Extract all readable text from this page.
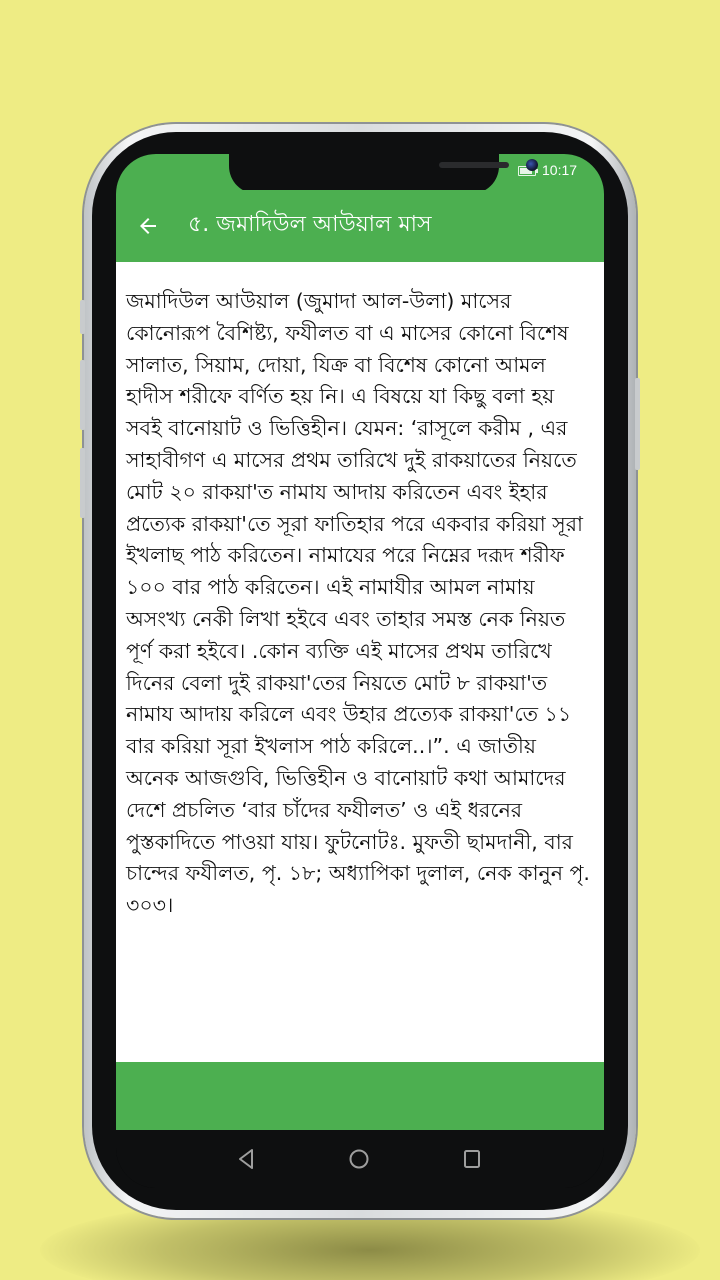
10:17
৫. জমাদিউল আউয়াল মাস

জমাদিউল আউয়াল (জুমাদা আল-উলা) মাসের কোনোরূপ বৈশিষ্ট্য, ফযীলত বা এ মাসের কোনো বিশেষ সালাত, সিয়াম, দোয়া, যিক্র বা বিশেষ কোনো আমল হাদীস শরীফে বর্ণিত হয় নি। এ বিষয়ে যা কিছু বলা হয় সবই বানোয়াট ও ভিত্তিহীন। যেমন: ‘রাসূলে করীম , এর সাহাবীগণ এ মাসের প্রথম তারিখে দুই রাকয়াতের নিয়তে মোট ২০ রাকয়া'ত নামায আদায় করিতেন এবং ইহার প্রত্যেক রাকয়া'তে সূরা ফাতিহার পরে একবার করিয়া সূরা ইখলাছ পাঠ করিতেন। নামাযের পরে নিম্নের দরূদ শরীফ ১০০ বার পাঠ করিতেন। এই নামাযীর আমল নামায় অসংখ্য নেকী লিখা হইবে এবং তাহার সমস্ত নেক নিয়ত পূর্ণ করা হইবে। .কোন ব্যক্তি এই মাসের প্রথম তারিখে দিনের বেলা দুই রাকয়া'তের নিয়তে মোট ৮ রাকয়া'ত নামায আদায় করিলে এবং উহার প্রত্যেক রাকয়া'তে ১১ বার করিয়া সূরা ইখলাস পাঠ করিলে..।”. এ জাতীয় অনেক আজগুবি, ভিত্তিহীন ও বানোয়াট কথা আমাদের দেশে প্রচলিত ‘বার চাঁদের ফযীলত’ ও এই ধরনের পুস্তকাদিতে পাওয়া যায়। ফুটনোটঃ. মুফতী ছামদানী, বার চান্দের ফযীলত, পৃ. ১৮; অধ্যাপিকা দুলাল, নেক কানুন পৃ. ৩০৩।
